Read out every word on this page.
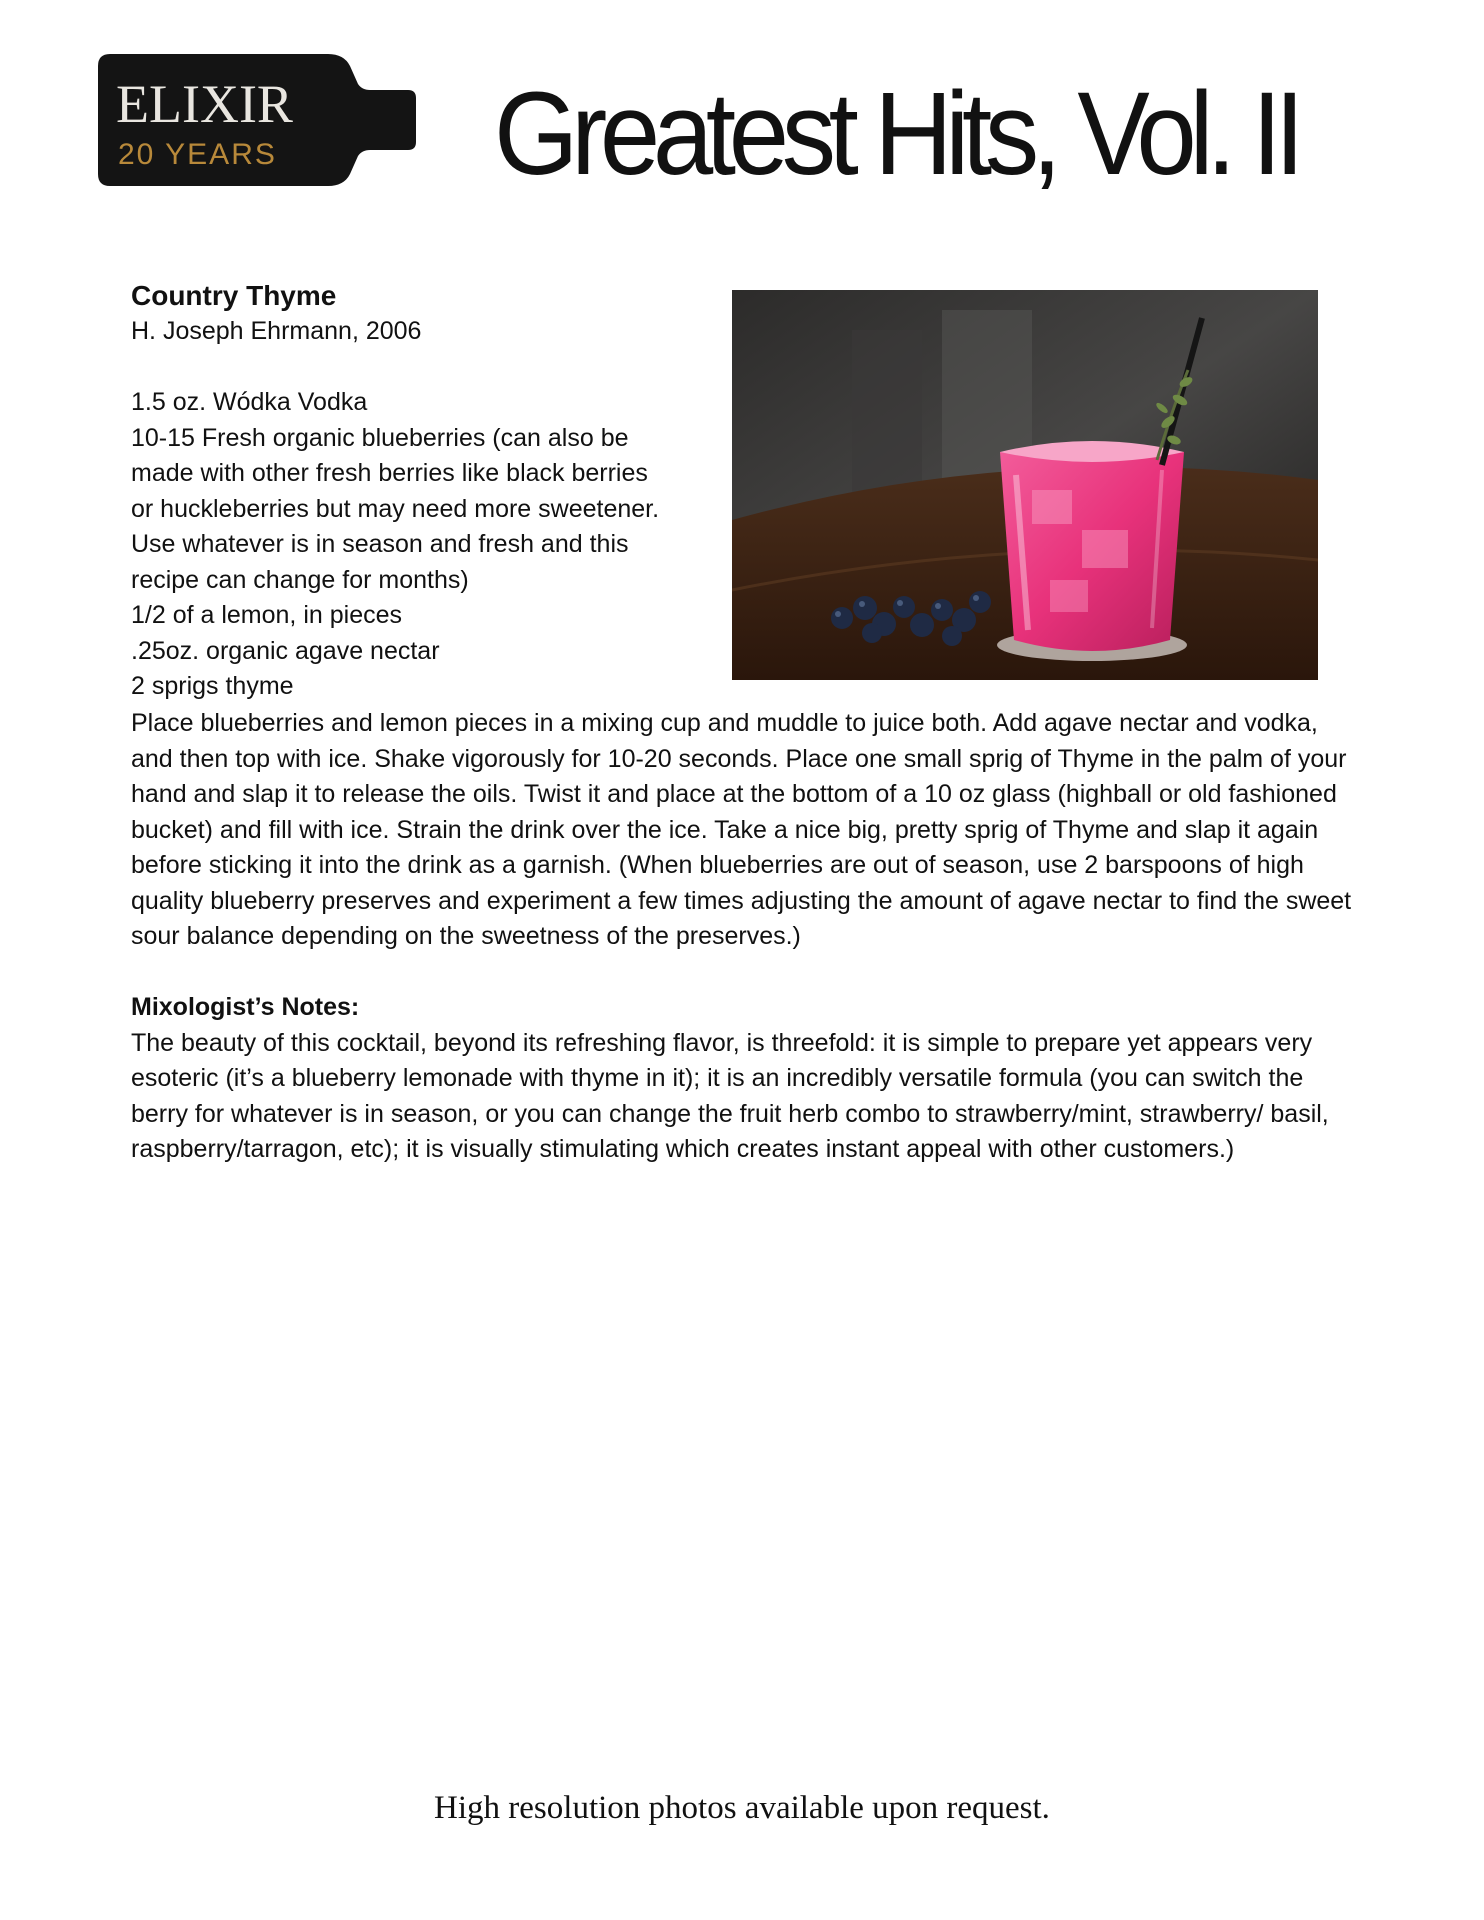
ELIXIR
20 YEARS Greatest Hits, Vol. II
Country Thyme
H. Joseph Ehrmann, 2006
1.5 oz. Wódka Vodka
10-15 Fresh organic blueberries (can also be
made with other fresh berries like black berries
or huckleberries but may need more sweetener.
Use whatever is in season and fresh and this
recipe can change for months)
1/2 of a lemon, in pieces
.25oz. organic agave nectar
2 sprigs thyme

Place blueberries and lemon pieces in a mixing cup and muddle to juice both. Add agave nectar and vodka, and then top with ice. Shake vigorously for 10-20 seconds. Place one small sprig of Thyme in the palm of your hand and slap it to release the oils. Twist it and place at the bottom of a 10 oz glass (highball or old fashioned bucket) and fill with ice. Strain the drink over the ice. Take a nice big, pretty sprig of Thyme and slap it again before sticking it into the drink as a garnish. (When blueberries are out of season, use 2 barspoons of high quality blueberry preserves and experiment a few times adjusting the amount of agave nectar to find the sweet sour balance depending on the sweetness of the preserves.)

Mixologist’s Notes:

The beauty of this cocktail, beyond its refreshing flavor, is threefold: it is simple to prepare yet appears very esoteric (it’s a blueberry lemonade with thyme in it); it is an incredibly versatile formula (you can switch the berry for whatever is in season, or you can change the fruit herb combo to strawberry/mint, strawberry/ basil, raspberry/tarragon, etc); it is visually stimulating which creates instant appeal with other customers.)

High resolution photos available upon request.
